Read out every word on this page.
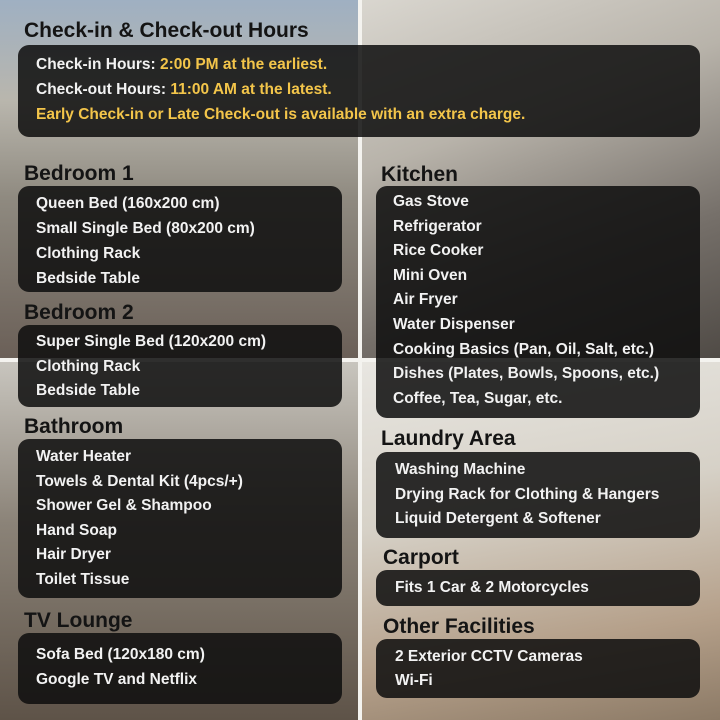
Check-in & Check-out Hours
Check-in Hours: 2:00 PM at the earliest.
Check-out Hours: 11:00 AM at the latest.
Early Check-in or Late Check-out is available with an extra charge.
Bedroom 1
Queen Bed (160x200 cm)
Small Single Bed (80x200 cm)
Clothing Rack
Bedside Table
Bedroom 2
Super Single Bed (120x200 cm)
Clothing Rack
Bedside Table
Bathroom
Water Heater
Towels & Dental Kit (4pcs/+)
Shower Gel & Shampoo
Hand Soap
Hair Dryer
Toilet Tissue
TV Lounge
Sofa Bed (120x180 cm)
Google TV and Netflix
Kitchen
Gas Stove
Refrigerator
Rice Cooker
Mini Oven
Air Fryer
Water Dispenser
Cooking Basics (Pan, Oil, Salt, etc.)
Dishes (Plates, Bowls, Spoons, etc.)
Coffee, Tea, Sugar, etc.
Laundry Area
Washing Machine
Drying Rack for Clothing & Hangers
Liquid Detergent & Softener
Carport
Fits 1 Car & 2 Motorcycles
Other Facilities
2 Exterior CCTV Cameras
Wi-Fi
